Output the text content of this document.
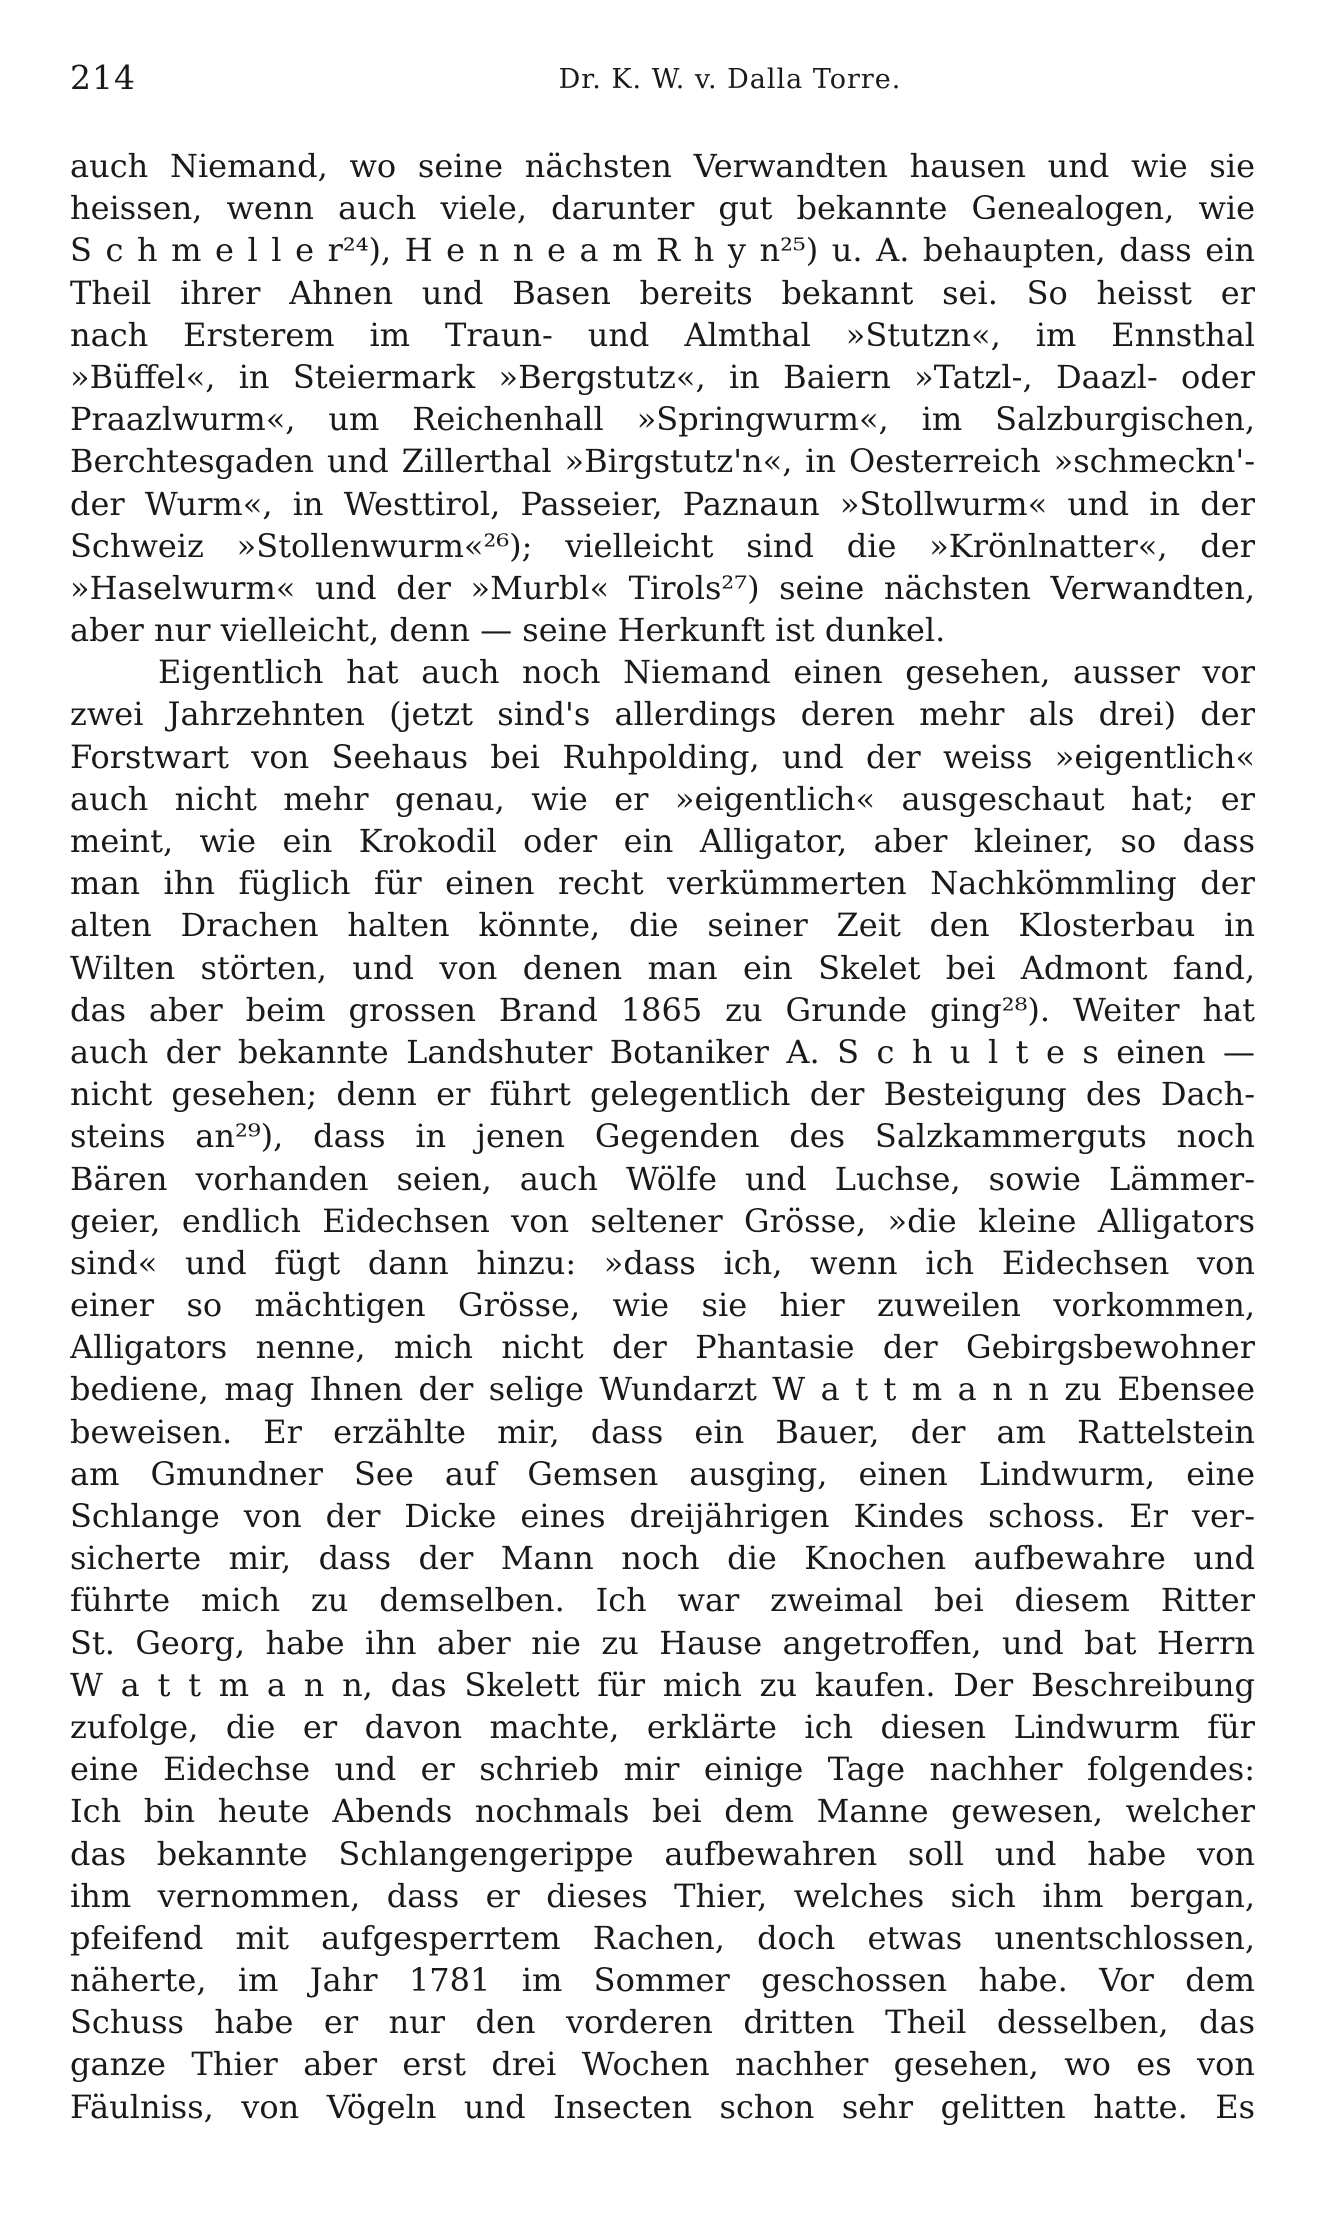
214	Dr. K. W. v. Dalla Torre.
auch Niemand, wo seine nächsten Verwandten hausen und wie sie
heissen, wenn auch viele, darunter gut bekannte Genealogen, wie
S c h m e l l e r²⁴), H e n n e a m R h y n²⁵) u. A. behaupten, dass ein
Theil ihrer Ahnen und Basen bereits bekannt sei. So heisst er
nach Ersterem im Traun- und Almthal »Stutzn«, im Ennsthal
»Büffel«, in Steiermark »Bergstutz«, in Baiern »Tatzl-, Daazl- oder
Praazlwurm«, um Reichenhall »Springwurm«, im Salzburgischen,
Berchtesgaden und Zillerthal »Birgstutz'n«, in Oesterreich »schmeckn'-
der Wurm«, in Westtirol, Passeier, Paznaun »Stollwurm« und in der
Schweiz »Stollenwurm«²⁶); vielleicht sind die »Krönlnatter«, der
»Haselwurm« und der »Murbl« Tirols²⁷) seine nächsten Verwandten,
aber nur vielleicht, denn — seine Herkunft ist dunkel.
Eigentlich hat auch noch Niemand einen gesehen, ausser vor
zwei Jahrzehnten (jetzt sind's allerdings deren mehr als drei) der
Forstwart von Seehaus bei Ruhpolding, und der weiss »eigentlich«
auch nicht mehr genau, wie er »eigentlich« ausgeschaut hat; er
meint, wie ein Krokodil oder ein Alligator, aber kleiner, so dass
man ihn füglich für einen recht verkümmerten Nachkömmling der
alten Drachen halten könnte, die seiner Zeit den Klosterbau in
Wilten störten, und von denen man ein Skelet bei Admont fand,
das aber beim grossen Brand 1865 zu Grunde ging²⁸). Weiter hat
auch der bekannte Landshuter Botaniker A. S c h u l t e s einen —
nicht gesehen; denn er führt gelegentlich der Besteigung des Dach-
steins an²⁹), dass in jenen Gegenden des Salzkammerguts noch
Bären vorhanden seien, auch Wölfe und Luchse, sowie Lämmer-
geier, endlich Eidechsen von seltener Grösse, »die kleine Alligators
sind« und fügt dann hinzu: »dass ich, wenn ich Eidechsen von
einer so mächtigen Grösse, wie sie hier zuweilen vorkommen,
Alligators nenne, mich nicht der Phantasie der Gebirgsbewohner
bediene, mag Ihnen der selige Wundarzt W a t t m a n n zu Ebensee
beweisen. Er erzählte mir, dass ein Bauer, der am Rattelstein
am Gmundner See auf Gemsen ausging, einen Lindwurm, eine
Schlange von der Dicke eines dreijährigen Kindes schoss. Er ver-
sicherte mir, dass der Mann noch die Knochen aufbewahre und
führte mich zu demselben. Ich war zweimal bei diesem Ritter
St. Georg, habe ihn aber nie zu Hause angetroffen, und bat Herrn
W a t t m a n n, das Skelett für mich zu kaufen. Der Beschreibung
zufolge, die er davon machte, erklärte ich diesen Lindwurm für
eine Eidechse und er schrieb mir einige Tage nachher folgendes:
Ich bin heute Abends nochmals bei dem Manne gewesen, welcher
das bekannte Schlangengerippe aufbewahren soll und habe von
ihm vernommen, dass er dieses Thier, welches sich ihm bergan,
pfeifend mit aufgesperrtem Rachen, doch etwas unentschlossen,
näherte, im Jahr 1781 im Sommer geschossen habe. Vor dem
Schuss habe er nur den vorderen dritten Theil desselben, das
ganze Thier aber erst drei Wochen nachher gesehen, wo es von
Fäulniss, von Vögeln und Insecten schon sehr gelitten hatte. Es
